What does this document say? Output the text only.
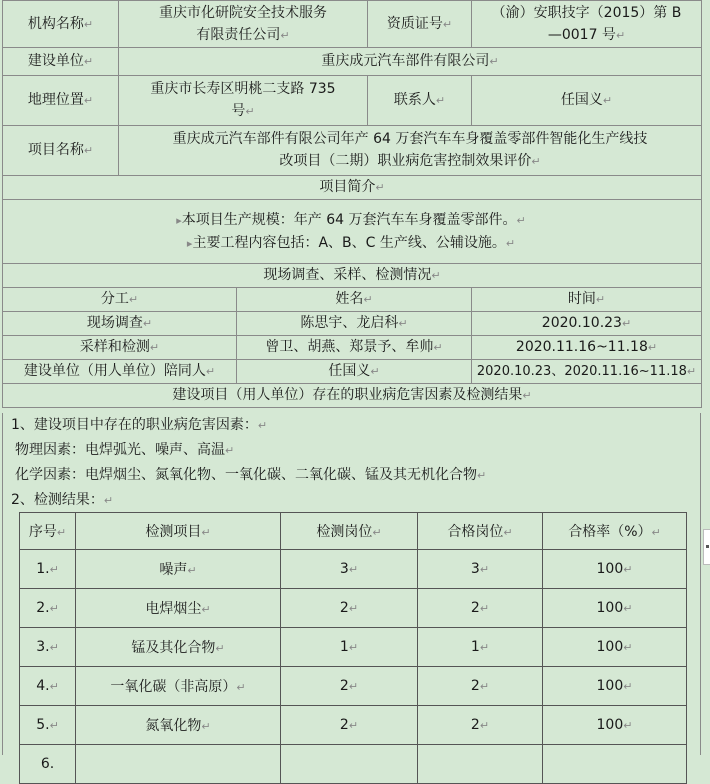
机构名称↵	重庆市化研院安全技术服务
有限责任公司↵		资质证号↵	（渝）安职技字（2015）第 B
—0017 号↵

建设单位↵	重庆成元汽车部件有限公司↵			
地理位置↵	重庆市长寿区明桃二支路 735
号↵		联系人↵	任国义↵
项目名称↵	重庆成元汽车部件有限公司年产 64 万套汽车车身覆盖零部件智能化生产线技
改项目（二期）职业病危害控制效果评价↵			

项目简介↵				

▸本项目生产规模：年产 64 万套汽车车身覆盖零部件。↵
▸主要工程内容包括：A、B、C 生产线、公辅设施。↵				

现场调查、采样、检测情况↵				
分工↵		姓名↵		时间↵
现场调查↵		陈思宇、龙启科↵		2020.10.23↵
采样和检测↵		曾卫、胡燕、郑景予、牟帅↵		2020.11.16~11.18↵
建设单位（用人单位）陪同人↵		任国义↵		2020.10.23、2020.11.16~11.18↵
建设项目（用人单位）存在的职业病危害因素及检测结果↵				
1、建设项目中存在的职业病危害因素：↵
物理因素：电焊弧光、噪声、高温↵
化学因素：电焊烟尘、氮氧化物、一氧化碳、二氧化碳、锰及其无机化合物↵
2、检测结果：↵
序号↵	检测项目↵	检测岗位↵	合格岗位↵	合格率（%）↵
1.↵	噪声↵	3↵	3↵	100↵
2.↵	电焊烟尘↵	2↵	2↵	100↵
3.↵	锰及其化合物↵	1↵	1↵	100↵
4.↵	一氧化碳（非高原）↵	2↵	2↵	100↵
5.↵	氮氧化物↵	2↵	2↵	100↵
6.				
